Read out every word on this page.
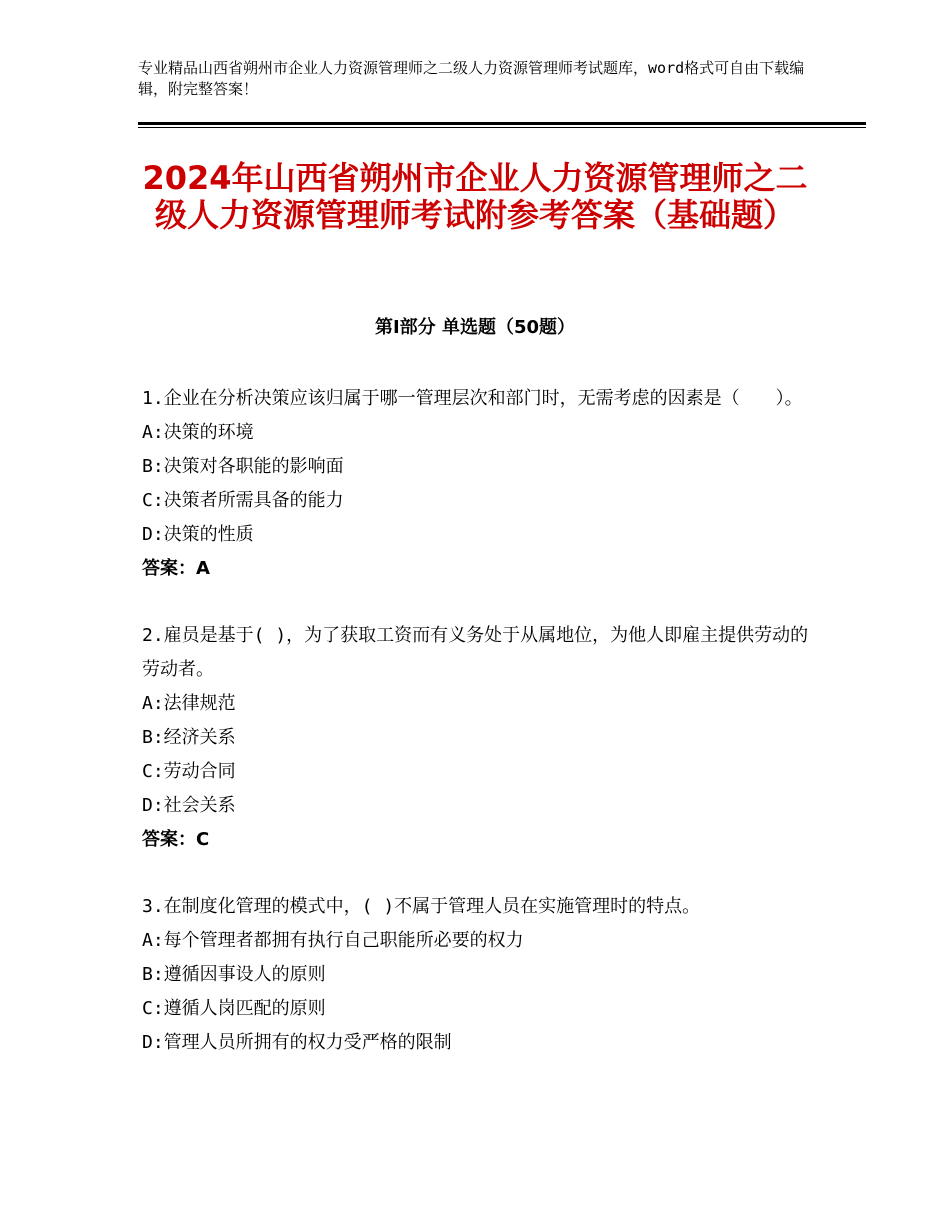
专业精品山西省朔州市企业人力资源管理师之二级人力资源管理师考试题库，word格式可自由下载编辑，附完整答案！
2024年山西省朔州市企业人力资源管理师之二级人力资源管理师考试附参考答案（基础题）
第Ⅰ部分 单选题（50题）
1.企业在分析决策应该归属于哪一管理层次和部门时，无需考虑的因素是（　　）。
A:决策的环境
B:决策对各职能的影响面
C:决策者所需具备的能力
D:决策的性质
答案：A
2.雇员是基于( )，为了获取工资而有义务处于从属地位，为他人即雇主提供劳动的劳动者。
A:法律规范
B:经济关系
C:劳动合同
D:社会关系
答案：C
3.在制度化管理的模式中，( )不属于管理人员在实施管理时的特点。
A:每个管理者都拥有执行自己职能所必要的权力
B:遵循因事设人的原则
C:遵循人岗匹配的原则
D:管理人员所拥有的权力受严格的限制
